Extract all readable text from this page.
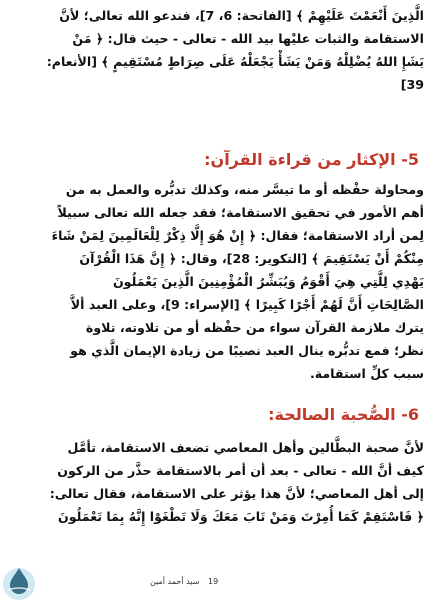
الَّذِينَ أَنْعَمْتَ عَلَيْهِمْ ﴾ [الفاتحة: 6، 7]، فندعو الله تعالى؛ لأنَّ
الاستقامة والثبات عليْها بيد الله - تعالى - حيث قال: ﴿ مَنْ
يَشَإِ اللهُ يُضْلِلْهُ وَمَنْ يَشَأْ يَجْعَلْهُ عَلَى صِرَاطٍ مُسْتَقِيمٍ ﴾ [الأنعام:
39]
5- الإكثار من قراءة القرآن:
ومحاولة حفْظه أو ما تيسَّر منه، وكذلك تدبُّره والعمل به من
أهم الأمور في تحقيق الاستقامة؛ فقد جعله الله تعالى سبيلاً
لِمن أراد الاستقامة؛ فقال: ﴿ إِنْ هُوَ إِلَّا ذِكْرٌ لِلْعَالَمِينَ لِمَنْ شَاءَ
مِنْكُمْ أَنْ يَسْتَقِيمَ ﴾ [التكوير: 28]، وقال: ﴿ إِنَّ هَذَا الْقُرْآنَ
يَهْدِي لِلَّتِي هِيَ أَقْوَمُ وَيُبَشِّرُ الْمُؤْمِنِينَ الَّذِينَ يَعْمَلُونَ
الصَّالِحَاتِ أَنَّ لَهُمْ أَجْرًا كَبِيرًا ﴾ [الإسراء: 9]، وعلى العبد ألاَّ
يترك ملازمة القرآن سواء من حفْظه أو من تلاوته، تلاوة
نظر؛ فمع تدبُّره ينال العبد نصيبًا من زيادة الإيمان الَّذي هو
سبب كلِّ استقامة.
6- الصُّحبة الصالحة:
لأنَّ صحبة البطَّالين وأهل المعاصي تضعف الاستقامة، تأمَّل
كيف أنَّ الله - تعالى - بعد أن أمر بالاستقامة حذَّر من الركون
إلى أهل المعاصي؛ لأنَّ هذا يؤثر على الاستقامة، فقال تعالى:
﴿ فَاسْتَقِمْ كَمَا أُمِرْتَ وَمَنْ تَابَ مَعَكَ وَلَا تَطْغَوْا إِنَّهُ بِمَا تَعْمَلُونَ
سيد أحمد أمين 19
